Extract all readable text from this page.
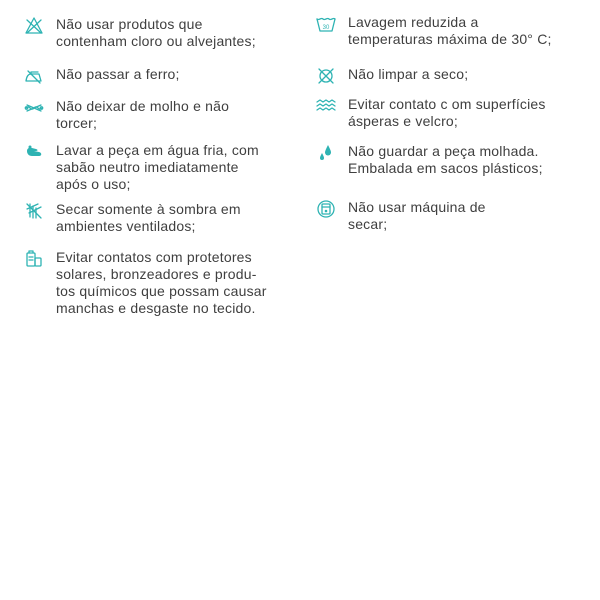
Não usar produtos que
contenham cloro ou alvejantes;
Não passar a ferro;
Não deixar de molho e não
torcer;
Lavar a peça em água fria, com
sabão neutro imediatamente
após o uso;
Secar somente à sombra em
ambientes ventilados;
Evitar contatos com protetores
solares, bronzeadores e produ-
tos químicos que possam causar
manchas e desgaste no tecido.
30 Lavagem reduzida a
temperaturas máxima de 30° C;
Não limpar a seco;
Evitar contato c om superfícies
ásperas e velcro;
Não guardar a peça molhada.
Embalada em sacos plásticos;
Não usar máquina de
secar;
